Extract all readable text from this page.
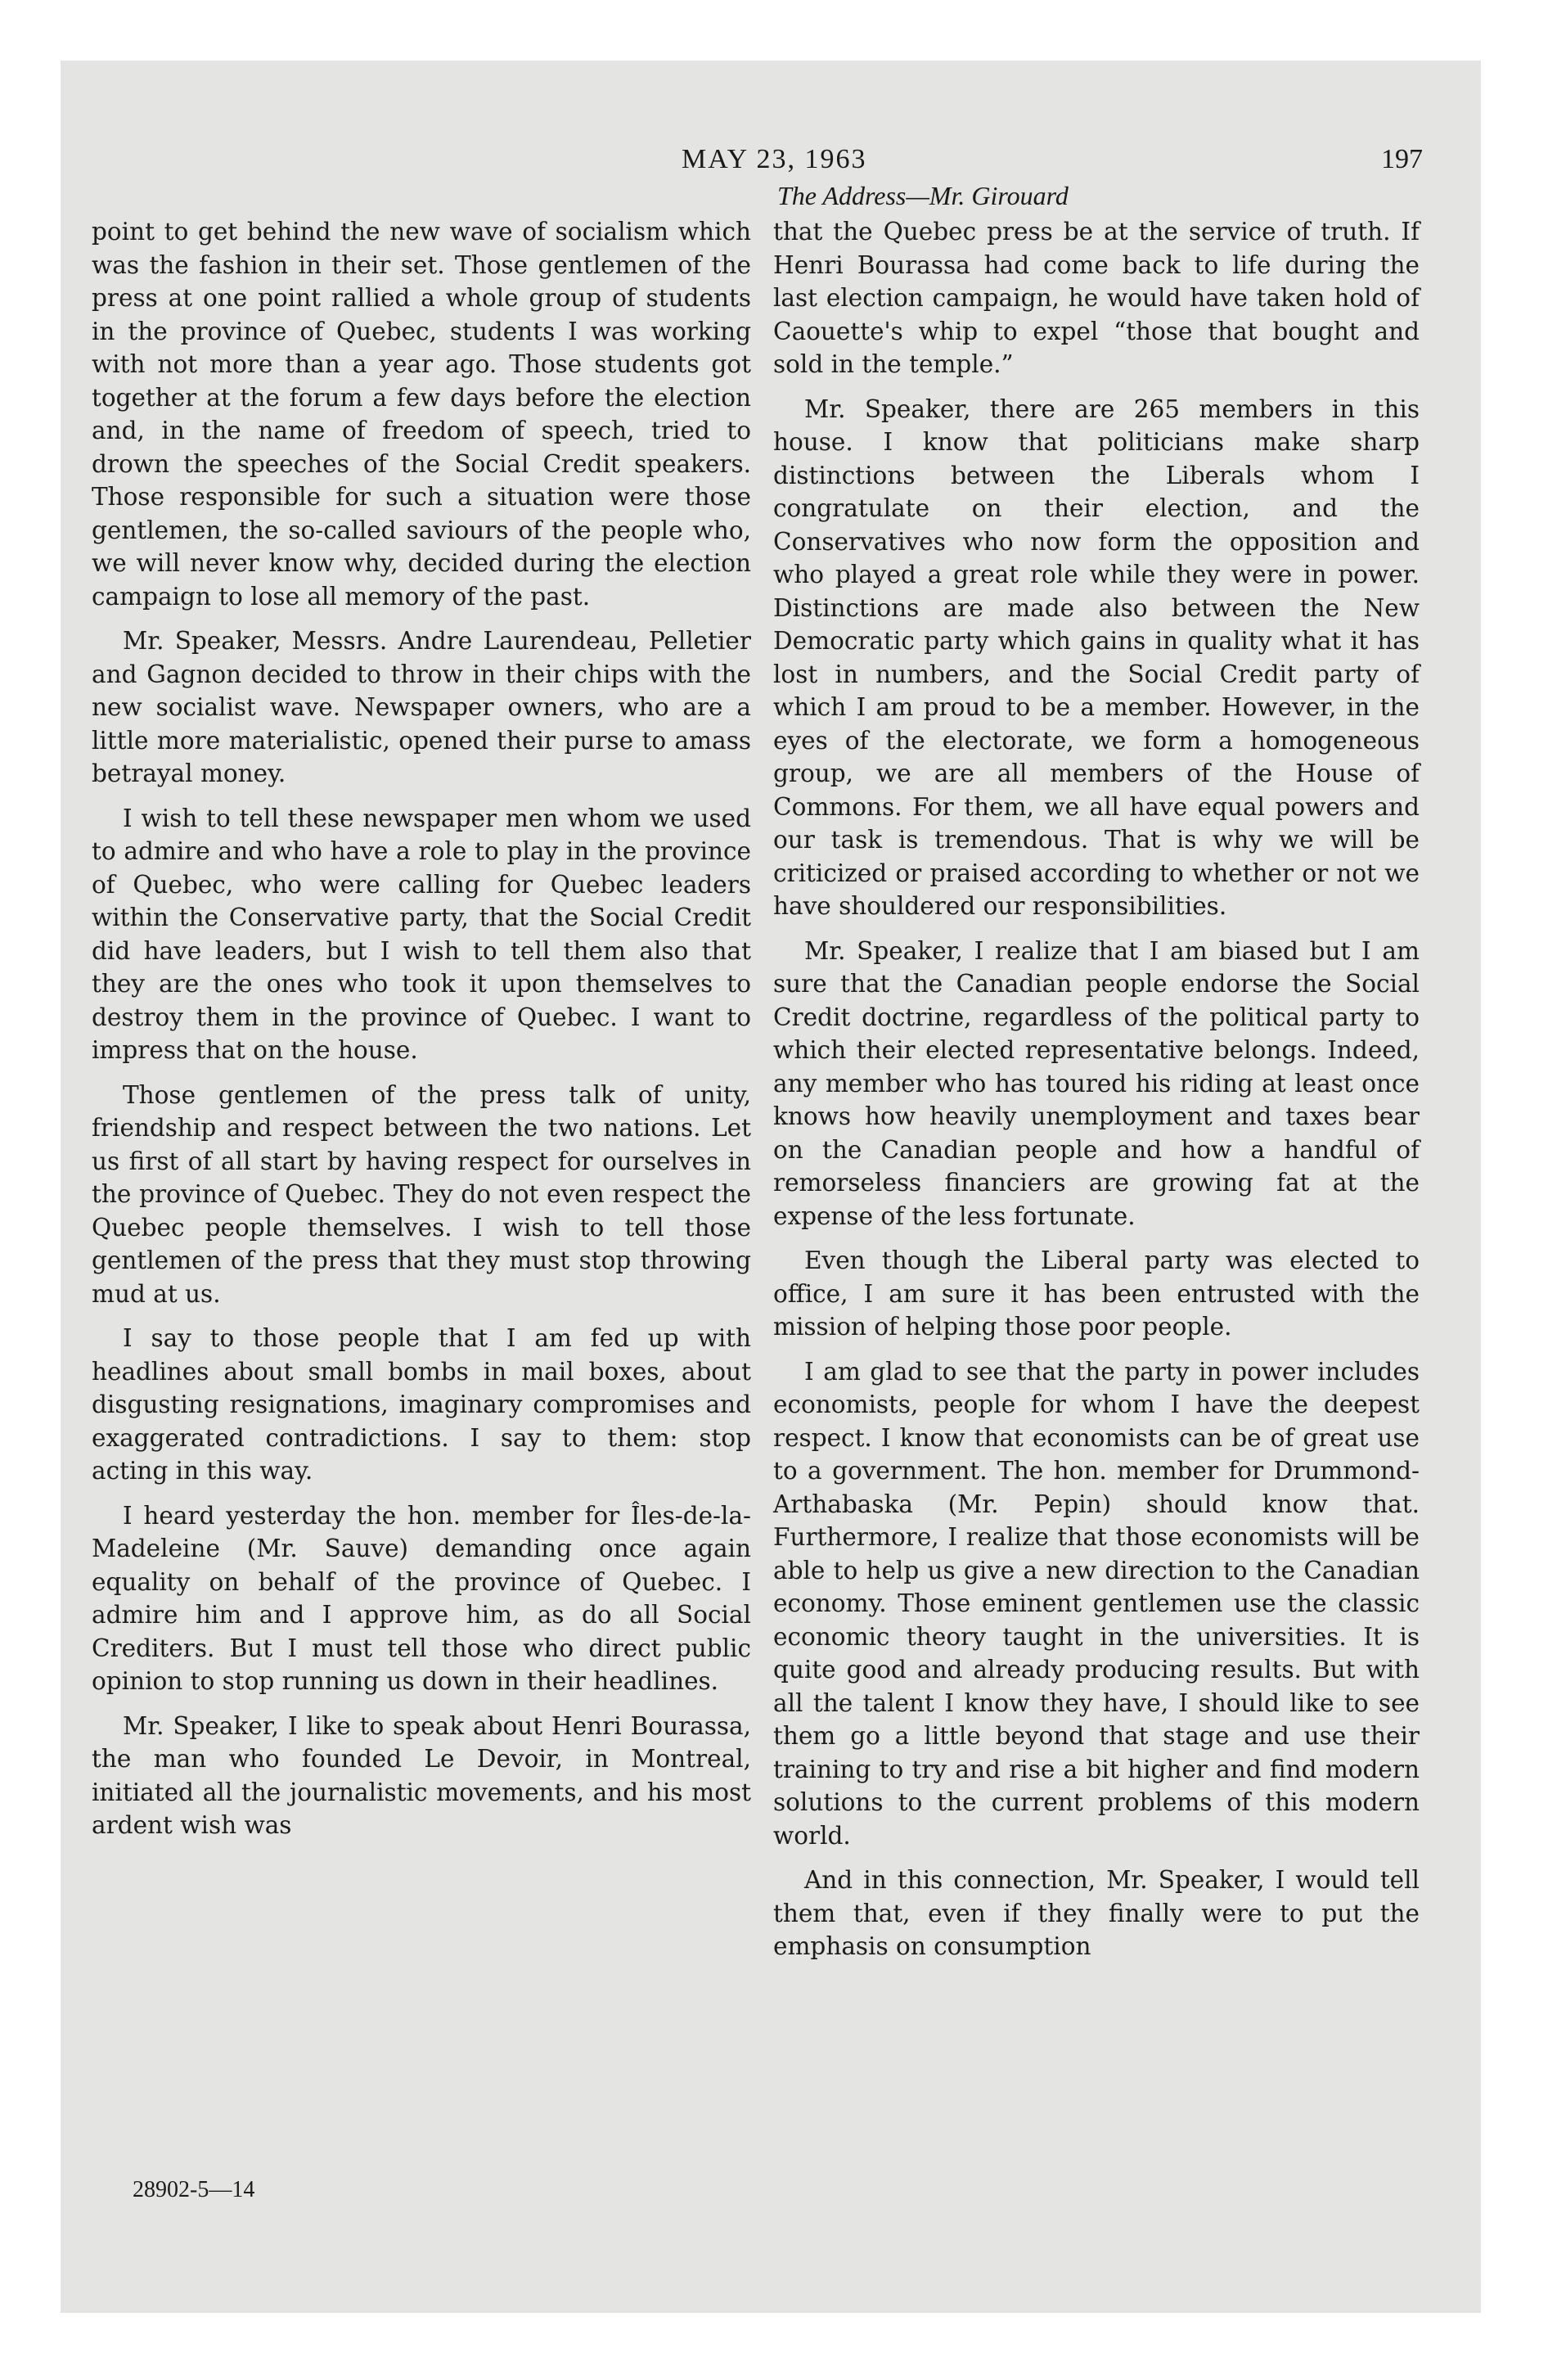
MAY 23, 1963	197
The Address—Mr. Girouard

point to get behind the new wave of socialism which was the fashion in their set. Those gentlemen of the press at one point rallied a whole group of students in the province of Quebec, students I was working with not more than a year ago. Those students got together at the forum a few days before the election and, in the name of freedom of speech, tried to drown the speeches of the Social Credit speakers. Those responsible for such a situation were those gentlemen, the so-called saviours of the people who, we will never know why, decided during the election campaign to lose all memory of the past.

Mr. Speaker, Messrs. Andre Laurendeau, Pelletier and Gagnon decided to throw in their chips with the new socialist wave. Newspaper owners, who are a little more materialistic, opened their purse to amass betrayal money.

I wish to tell these newspaper men whom we used to admire and who have a role to play in the province of Quebec, who were calling for Quebec leaders within the Conservative party, that the Social Credit did have leaders, but I wish to tell them also that they are the ones who took it upon themselves to destroy them in the province of Quebec. I want to impress that on the house.

Those gentlemen of the press talk of unity, friendship and respect between the two nations. Let us first of all start by having respect for ourselves in the province of Quebec. They do not even respect the Quebec people themselves. I wish to tell those gentlemen of the press that they must stop throwing mud at us.

I say to those people that I am fed up with headlines about small bombs in mail boxes, about disgusting resignations, imaginary compromises and exaggerated contradictions. I say to them: stop acting in this way.

I heard yesterday the hon. member for Îles-de-la-Madeleine (Mr. Sauve) demanding once again equality on behalf of the province of Quebec. I admire him and I approve him, as do all Social Crediters. But I must tell those who direct public opinion to stop running us down in their headlines.

Mr. Speaker, I like to speak about Henri Bourassa, the man who founded Le Devoir, in Montreal, initiated all the journalistic movements, and his most ardent wish was

that the Quebec press be at the service of truth. If Henri Bourassa had come back to life during the last election campaign, he would have taken hold of Caouette's whip to expel “those that bought and sold in the temple.”

Mr. Speaker, there are 265 members in this house. I know that politicians make sharp distinctions between the Liberals whom I congratulate on their election, and the Conservatives who now form the opposition and who played a great role while they were in power. Distinctions are made also between the New Democratic party which gains in quality what it has lost in numbers, and the Social Credit party of which I am proud to be a member. However, in the eyes of the electorate, we form a homogeneous group, we are all members of the House of Commons. For them, we all have equal powers and our task is tremendous. That is why we will be criticized or praised according to whether or not we have shouldered our responsibilities.

Mr. Speaker, I realize that I am biased but I am sure that the Canadian people endorse the Social Credit doctrine, regardless of the political party to which their elected representative belongs. Indeed, any member who has toured his riding at least once knows how heavily unemployment and taxes bear on the Canadian people and how a handful of remorseless financiers are growing fat at the expense of the less fortunate.

Even though the Liberal party was elected to office, I am sure it has been entrusted with the mission of helping those poor people.

I am glad to see that the party in power includes economists, people for whom I have the deepest respect. I know that economists can be of great use to a government. The hon. member for Drummond-Arthabaska (Mr. Pepin) should know that. Furthermore, I realize that those economists will be able to help us give a new direction to the Canadian economy. Those eminent gentlemen use the classic economic theory taught in the universities. It is quite good and already producing results. But with all the talent I know they have, I should like to see them go a little beyond that stage and use their training to try and rise a bit higher and find modern solutions to the current problems of this modern world.

And in this connection, Mr. Speaker, I would tell them that, even if they finally were to put the emphasis on consumption

28902-5—14
